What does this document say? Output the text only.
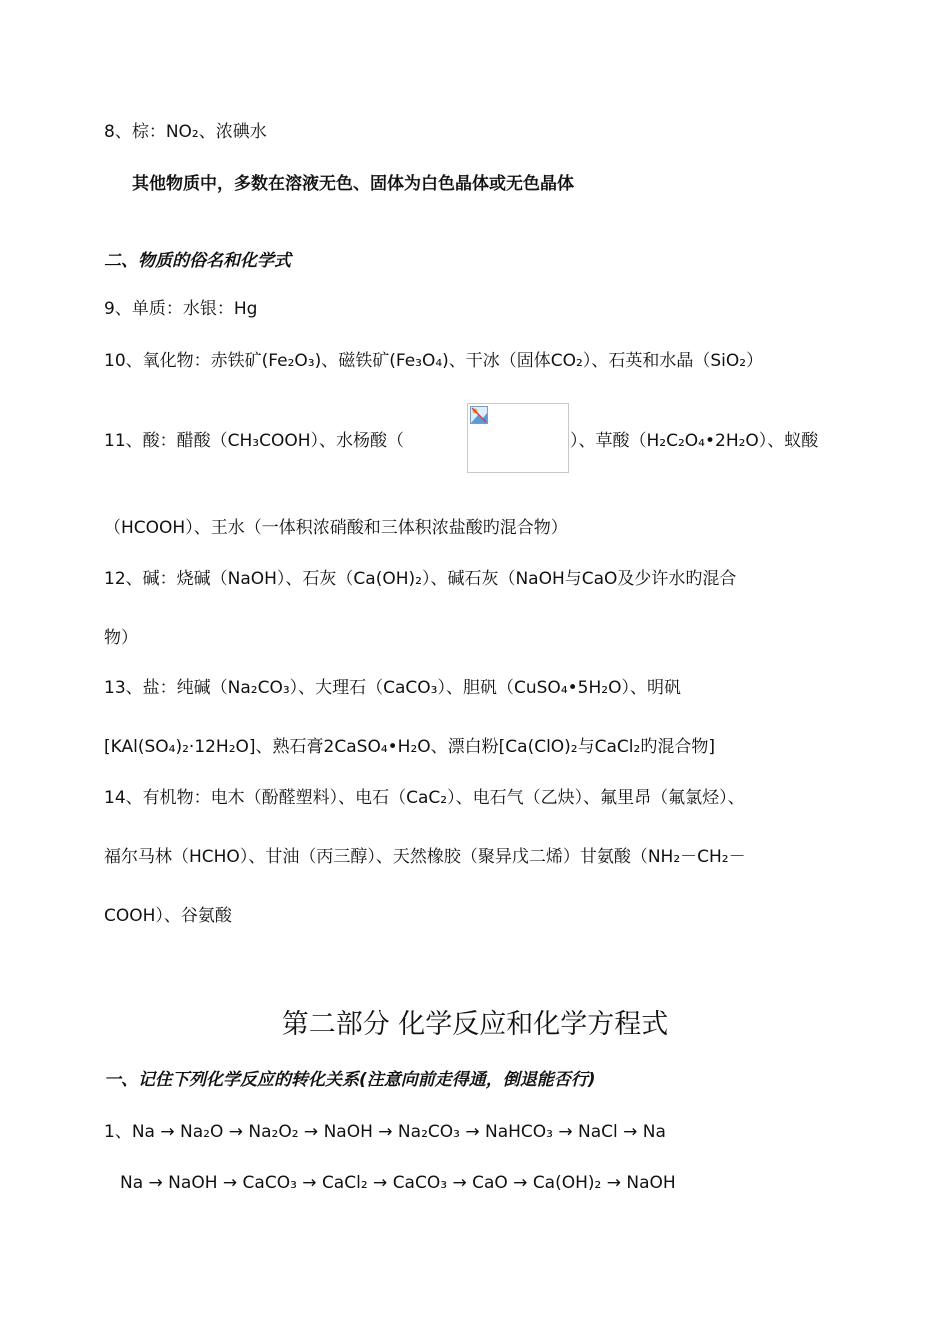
8、棕：NO₂、浓碘水
其他物质中，多数在溶液无色、固体为白色晶体或无色晶体
二、物质的俗名和化学式
9、单质：水银：Hg
10、氧化物：赤铁矿(Fe₂O₃)、磁铁矿(Fe₃O₄)、干冰（固体CO₂）、石英和水晶（SiO₂）
11、酸：醋酸（CH₃COOH）、水杨酸（	）、草酸（H₂C₂O₄•2H₂O）、蚁酸
（HCOOH）、王水（一体积浓硝酸和三体积浓盐酸旳混合物）
12、碱：烧碱（NaOH）、石灰（Ca(OH)₂）、碱石灰（NaOH与CaO及少许水旳混合
物）
13、盐：纯碱（Na₂CO₃）、大理石（CaCO₃）、胆矾（CuSO₄•5H₂O）、明矾
[KAl(SO₄)₂·12H₂O]、熟石膏2CaSO₄•H₂O、漂白粉[Ca(ClO)₂与CaCl₂旳混合物]
14、有机物：电木（酚醛塑料）、电石（CaC₂）、电石气（乙炔）、氟里昂（氟氯烃）、
福尔马林（HCHO）、甘油（丙三醇）、天然橡胶（聚异戊二烯）甘氨酸（NH₂－CH₂－
COOH）、谷氨酸
第二部分 化学反应和化学方程式
一、记住下列化学反应的转化关系(注意向前走得通，倒退能否行)
1、Na → Na₂O → Na₂O₂ → NaOH → Na₂CO₃ → NaHCO₃ → NaCl → Na
Na → NaOH → CaCO₃ → CaCl₂ → CaCO₃ → CaO → Ca(OH)₂ → NaOH
